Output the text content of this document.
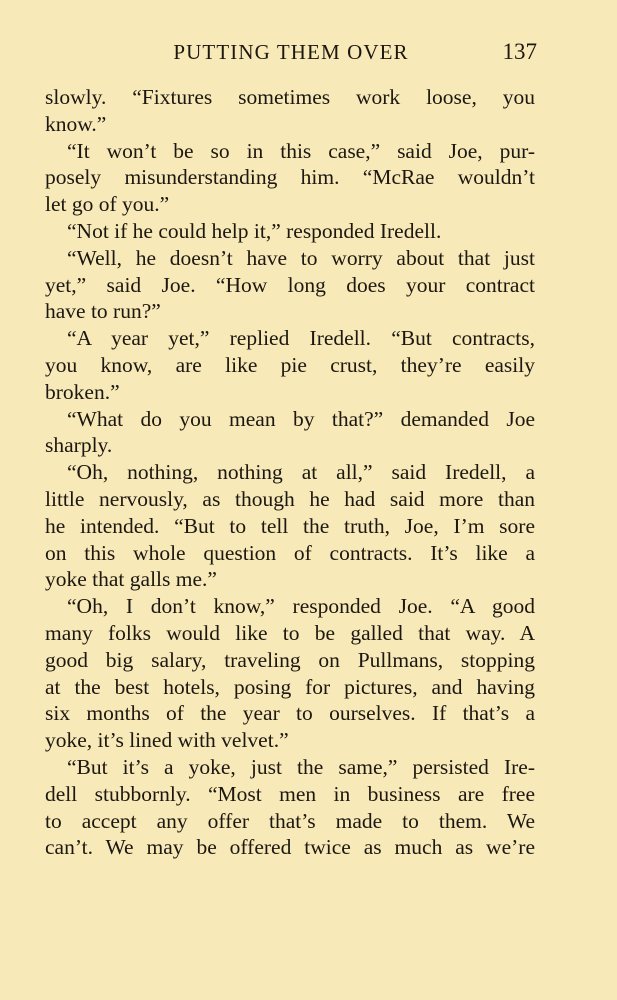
PUTTING THEM OVER	137
slowly. “Fixtures sometimes work loose, you
know.”
“It won’t be so in this case,” said Joe, pur-
posely misunderstanding him. “McRae wouldn’t
let go of you.”
“Not if he could help it,” responded Iredell.
“Well, he doesn’t have to worry about that just
yet,” said Joe. “How long does your contract
have to run?”
“A year yet,” replied Iredell. “But contracts,
you know, are like pie crust, they’re easily
broken.”
“What do you mean by that?” demanded Joe
sharply.
“Oh, nothing, nothing at all,” said Iredell, a
little nervously, as though he had said more than
he intended. “But to tell the truth, Joe, I’m sore
on this whole question of contracts. It’s like a
yoke that galls me.”
“Oh, I don’t know,” responded Joe. “A good
many folks would like to be galled that way. A
good big salary, traveling on Pullmans, stopping
at the best hotels, posing for pictures, and having
six months of the year to ourselves. If that’s a
yoke, it’s lined with velvet.”
“But it’s a yoke, just the same,” persisted Ire-
dell stubbornly. “Most men in business are free
to accept any offer that’s made to them. We
can’t. We may be offered twice as much as we’re
